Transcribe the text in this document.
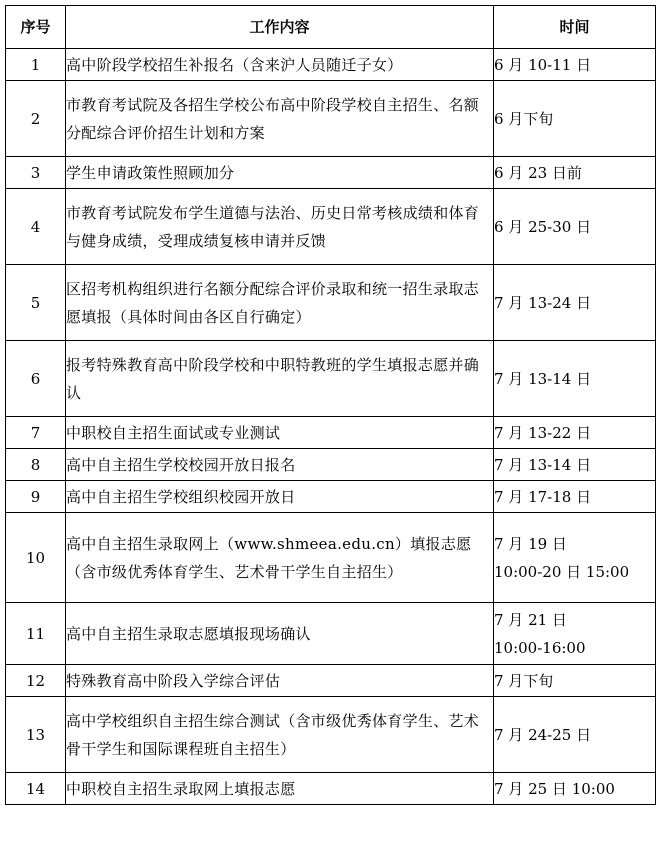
序号	工作内容	时间
1	高中阶段学校招生补报名（含来沪人员随迁子女）	6 月 10-11 日

2	市教育考试院及各招生学校公布高中阶段学校自主招生、名额分配综合评价招生计划和方案	6 月下旬

3	学生申请政策性照顾加分	6 月 23 日前

4	市教育考试院发布学生道德与法治、历史日常考核成绩和体育与健身成绩，受理成绩复核申请并反馈	6 月 25-30 日

5	区招考机构组织进行名额分配综合评价录取和统一招生录取志愿填报（具体时间由各区自行确定）	7 月 13-24 日

6	报考特殊教育高中阶段学校和中职特教班的学生填报志愿并确认	7 月 13-14 日

7	中职校自主招生面试或专业测试	7 月 13-22 日

8	高中自主招生学校校园开放日报名	7 月 13-14 日

9	高中自主招生学校组织校园开放日	7 月 17-18 日

10	高中自主招生录取网上（www.shmeea.edu.cn）填报志愿（含市级优秀体育学生、艺术骨干学生自主招生）	7 月 19 日
10:00-20 日 15:00

11	高中自主招生录取志愿填报现场确认	7 月 21 日
10:00-16:00

12	特殊教育高中阶段入学综合评估	7 月下旬

13	高中学校组织自主招生综合测试（含市级优秀体育学生、艺术骨干学生和国际课程班自主招生）	7 月 24-25 日

14	中职校自主招生录取网上填报志愿	7 月 25 日 10:00
